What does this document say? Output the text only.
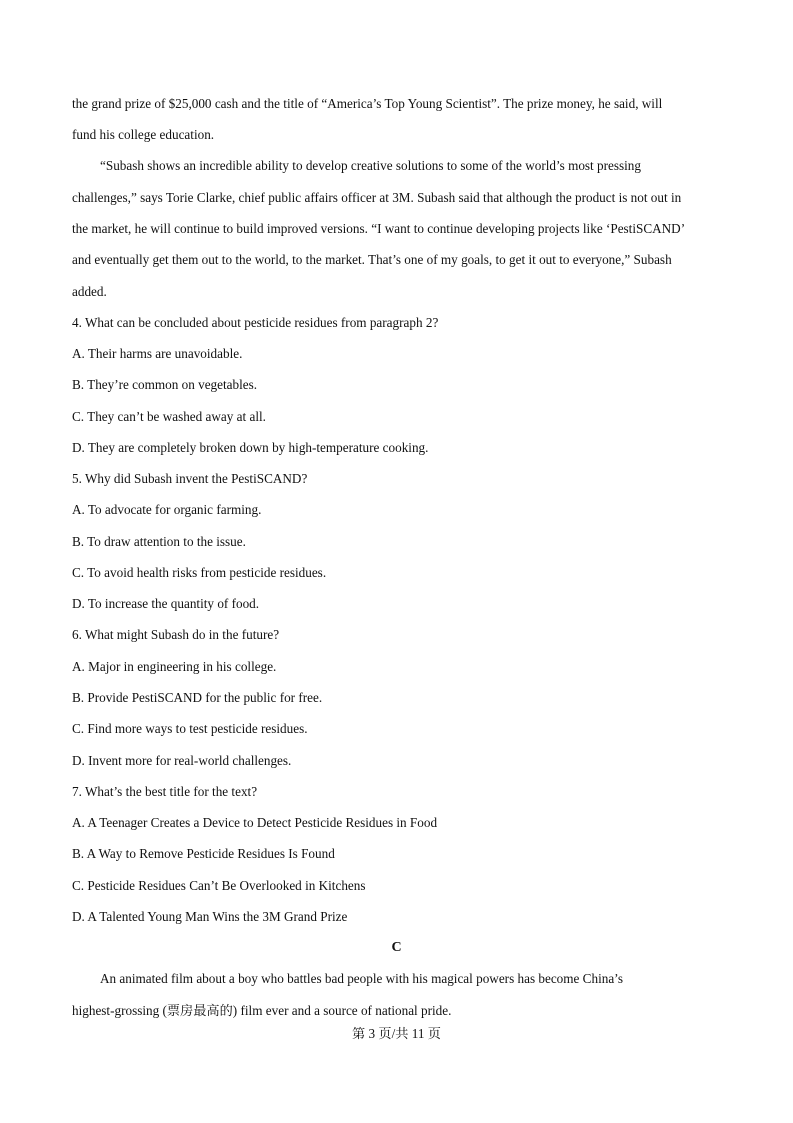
the grand prize of $25,000 cash and the title of “America’s Top Young Scientist”. The prize money, he said, will
fund his college education.
“Subash shows an incredible ability to develop creative solutions to some of the world’s most pressing
challenges,” says Torie Clarke, chief public affairs officer at 3M. Subash said that although the product is not out in
the market, he will continue to build improved versions. “I want to continue developing projects like ‘PestiSCAND’
and eventually get them out to the world, to the market. That’s one of my goals, to get it out to everyone,” Subash
added.
4. What can be concluded about pesticide residues from paragraph 2?
A. Their harms are unavoidable.
B. They’re common on vegetables.
C. They can’t be washed away at all.
D. They are completely broken down by high-temperature cooking.
5. Why did Subash invent the PestiSCAND?
A. To advocate for organic farming.
B. To draw attention to the issue.
C. To avoid health risks from pesticide residues.
D. To increase the quantity of food.
6. What might Subash do in the future?
A. Major in engineering in his college.
B. Provide PestiSCAND for the public for free.
C. Find more ways to test pesticide residues.
D. Invent more for real-world challenges.
7. What’s the best title for the text?
A. A Teenager Creates a Device to Detect Pesticide Residues in Food
B. A Way to Remove Pesticide Residues Is Found
C. Pesticide Residues Can’t Be Overlooked in Kitchens
D. A Talented Young Man Wins the 3M Grand Prize
C
An animated film about a boy who battles bad people with his magical powers has become China’s
highest-grossing (票房最高的) film ever and a source of national pride.
第 3 页/共 11 页
